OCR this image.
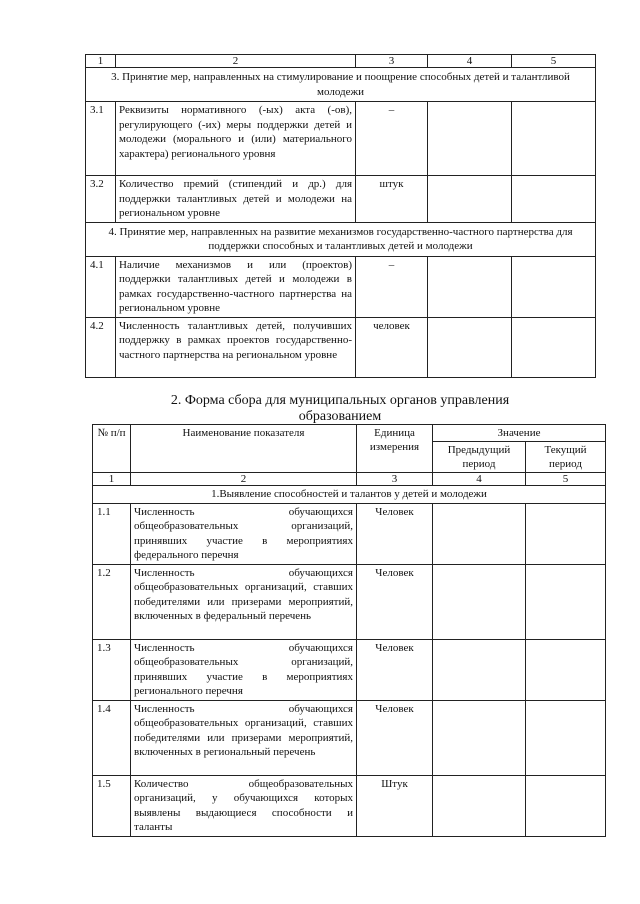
1	2	3	4	5
3. Принятие мер, направленных на стимулирование и поощрение способных детей и талантливой молодежи				
3.1	Реквизиты нормативного (-ых) акта (-ов), регулирующего (-их) меры поддержки детей и молодежи (морального и (или) материального характера) регионального уровня	–		
3.2	Количество премий (стипендий и др.) для поддержки талантливых детей и молодежи на региональном уровне	штук		
4. Принятие мер, направленных на развитие механизмов государственно-частного партнерства для поддержки способных и талантливых детей и молодежи				
4.1	Наличие механизмов и или (проектов) поддержки талантливых детей и молодежи в рамках государственно-частного партнерства на региональном уровне	–		
4.2	Численность талантливых детей, получивших поддержку в рамках проектов государственно-частного партнерства на региональном уровне	человек		
2. Форма сбора для муниципальных органов управления образованием
№ п/п	Наименование показателя	Единица измерения	Значение	
			Предыдущий период	Текущий период
1	2	3	4	5
1.Выявление способностей и талантов у детей и молодежи				
1.1	Численность обучающихся общеобразовательных организаций, принявших участие в мероприятиях федерального перечня	Человек		
1.2	Численность обучающихся общеобразовательных организаций, ставших победителями или призерами мероприятий, включенных в федеральный перечень	Человек		
1.3	Численность обучающихся общеобразовательных организаций, принявших участие в мероприятиях регионального перечня	Человек		
1.4	Численность обучающихся общеобразовательных организаций, ставших победителями или призерами мероприятий, включенных в региональный перечень	Человек		
1.5	Количество общеобразовательных организаций, у обучающихся которых выявлены выдающиеся способности и таланты	Штук		
